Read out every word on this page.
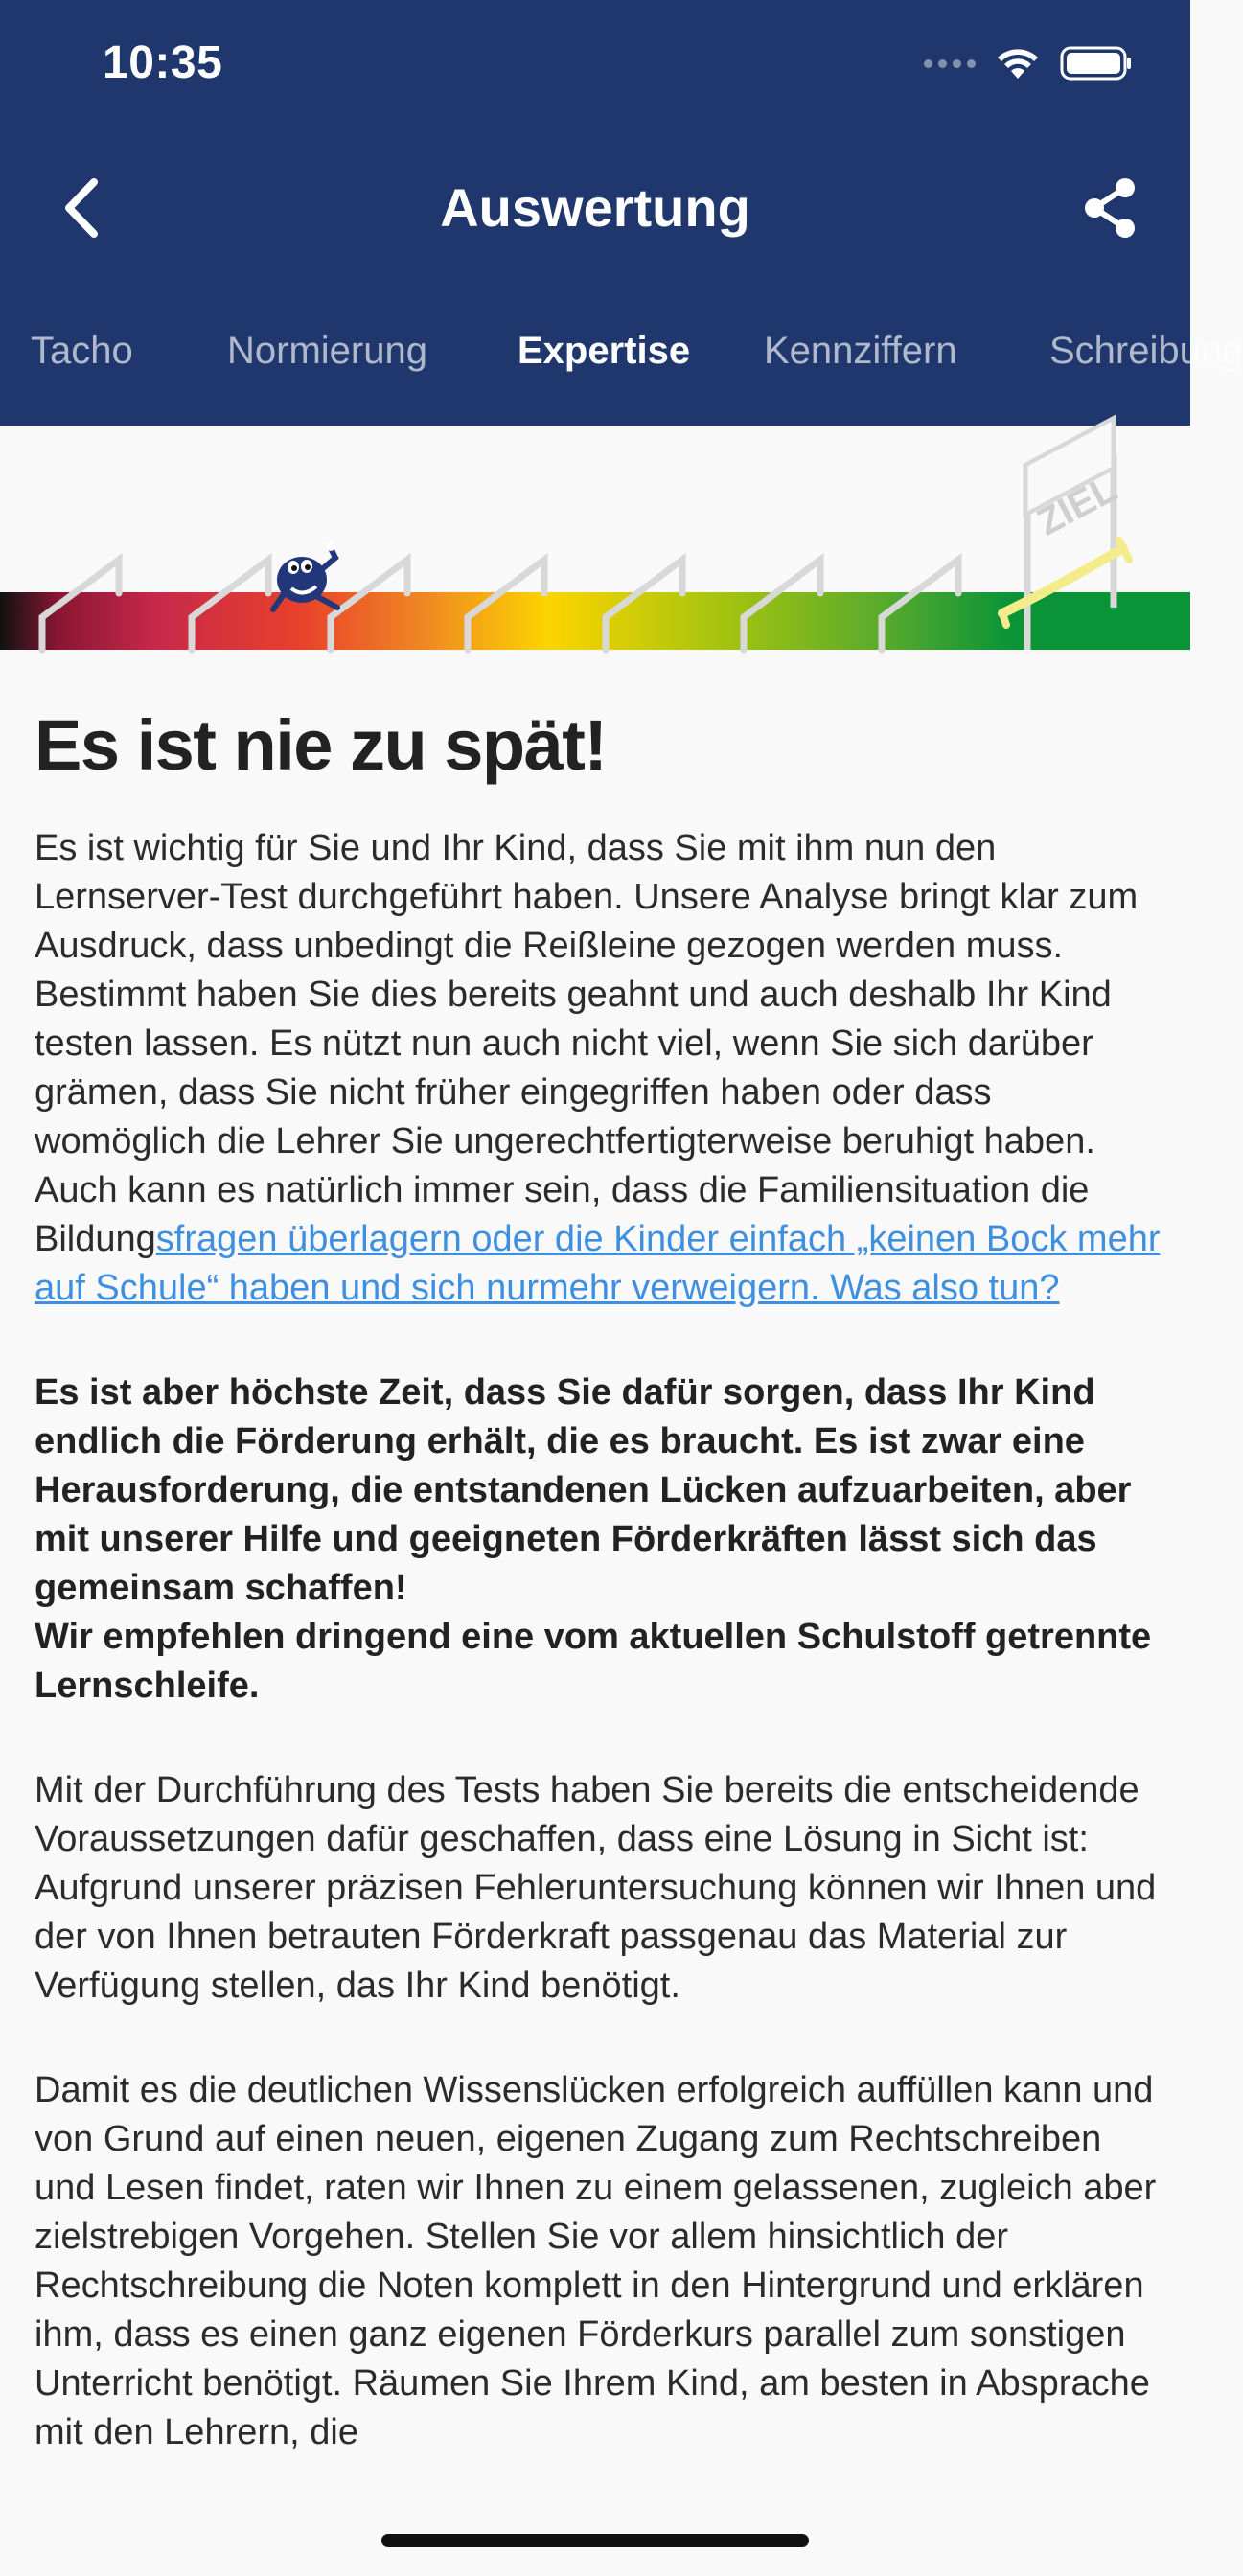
10:35
Auswertung
Tacho Normierung Expertise Kennziffern Schreibung
ZIEL
Es ist nie zu spät!

Es ist wichtig für Sie und Ihr Kind, dass Sie mit ihm nun den Lernserver-Test durchgeführt haben. Unsere Analyse bringt klar zum Ausdruck, dass unbedingt die Reißleine gezogen werden muss. Bestimmt haben Sie dies bereits geahnt und auch deshalb Ihr Kind testen lassen. Es nützt nun auch nicht viel, wenn Sie sich darüber grämen, dass Sie nicht früher eingegriffen haben oder dass womöglich die Lehrer Sie ungerechtfertigterweise beruhigt haben. Auch kann es natürlich immer sein, dass die Familiensituation die Bildungsfragen überlagern oder die Kinder einfach „keinen Bock mehr auf Schule“ haben und sich nurmehr verweigern. Was also tun?

Es ist aber höchste Zeit, dass Sie dafür sorgen, dass Ihr Kind endlich die Förderung erhält, die es braucht. Es ist zwar eine Herausforderung, die entstandenen Lücken aufzuarbeiten, aber mit unserer Hilfe und geeigneten Förderkräften lässt sich das gemeinsam schaffen!
Wir empfehlen dringend eine vom aktuellen Schulstoff getrennte Lernschleife.

Mit der Durchführung des Tests haben Sie bereits die entscheidende Voraussetzungen dafür geschaffen, dass eine Lösung in Sicht ist: Aufgrund unserer präzisen Fehleruntersuchung können wir Ihnen und der von Ihnen betrauten Förderkraft passgenau das Material zur Verfügung stellen, das Ihr Kind benötigt.

Damit es die deutlichen Wissenslücken erfolgreich auffüllen kann und von Grund auf einen neuen, eigenen Zugang zum Rechtschreiben und Lesen findet, raten wir Ihnen zu einem gelassenen, zugleich aber zielstrebigen Vorgehen. Stellen Sie vor allem hinsichtlich der Rechtschreibung die Noten komplett in den Hintergrund und erklären ihm, dass es einen ganz eigenen Förderkurs parallel zum sonstigen Unterricht benötigt. Räumen Sie Ihrem Kind, am besten in Absprache mit den Lehrern, die
